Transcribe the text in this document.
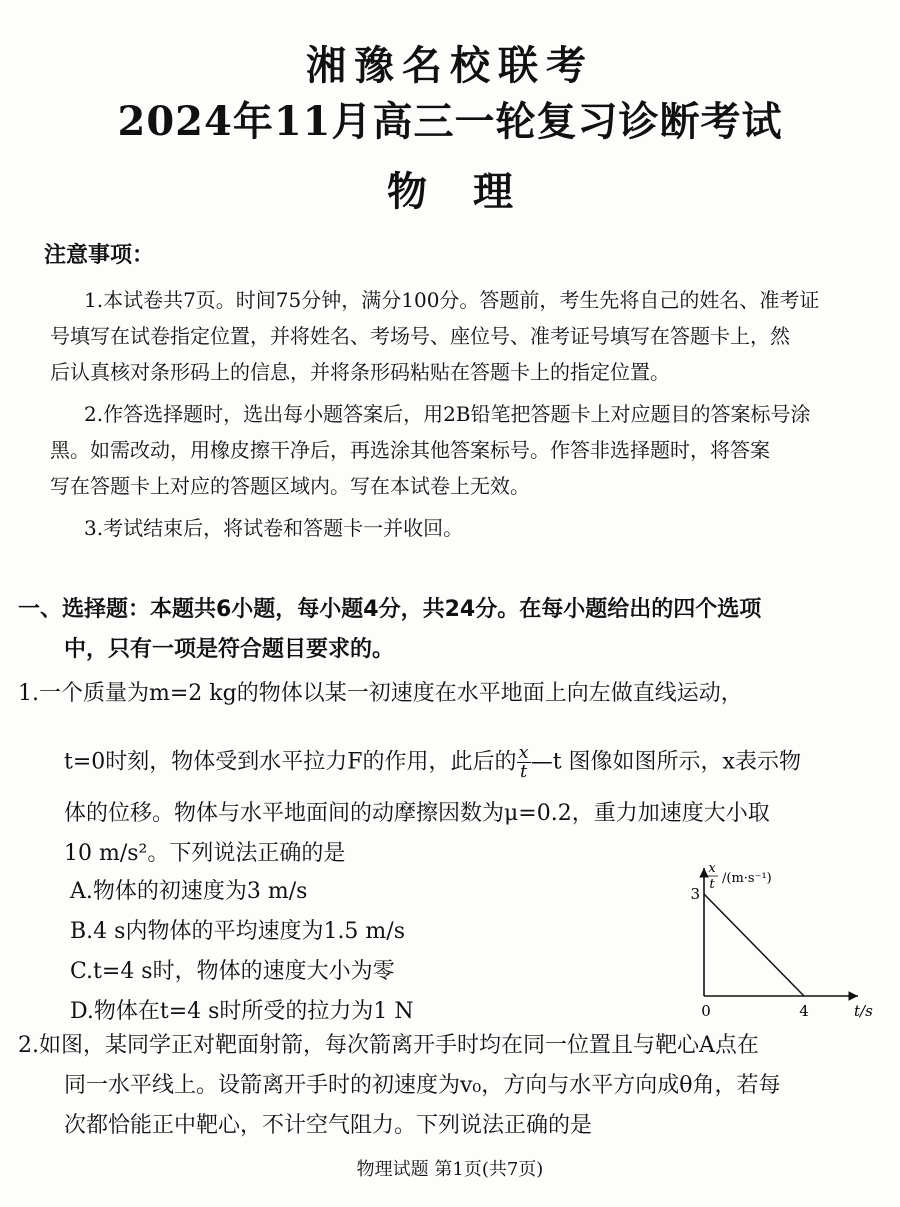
湘豫名校联考
2024年11月高三一轮复习诊断考试
物理
注意事项：
1.本试卷共7页。时间75分钟，满分100分。答题前，考生先将自己的姓名、准考证
号填写在试卷指定位置，并将姓名、考场号、座位号、准考证号填写在答题卡上，然
后认真核对条形码上的信息，并将条形码粘贴在答题卡上的指定位置。
2.作答选择题时，选出每小题答案后，用2B铅笔把答题卡上对应题目的答案标号涂
黑。如需改动，用橡皮擦干净后，再选涂其他答案标号。作答非选择题时，将答案
写在答题卡上对应的答题区域内。写在本试卷上无效。
3.考试结束后，将试卷和答题卡一并收回。
一、选择题：本题共6小题，每小题4分，共24分。在每小题给出的四个选项
中，只有一项是符合题目要求的。
1.一个质量为m=2 kg的物体以某一初速度在水平地面上向左做直线运动，
t=0时刻，物体受到水平拉力F的作用，此后的 $\frac{x}{t}$ —t 图像如图所示，x表示物
体的位移。物体与水平地面间的动摩擦因数为μ=0.2，重力加速度大小取
10 m/s²。下列说法正确的是
A.物体的初速度为3 m/s
B.4 s内物体的平均速度为1.5 m/s
C.t=4 s时，物体的速度大小为零
D.物体在t=4 s时所受的拉力为1 N
x
t /(m·s⁻¹)
3
4
0	t/s
2.如图，某同学正对靶面射箭，每次箭离开手时均在同一位置且与靶心A点在
同一水平线上。设箭离开手时的初速度为v₀，方向与水平方向成θ角，若每
次都恰能正中靶心，不计空气阻力。下列说法正确的是
物理试题 第1页(共7页)
